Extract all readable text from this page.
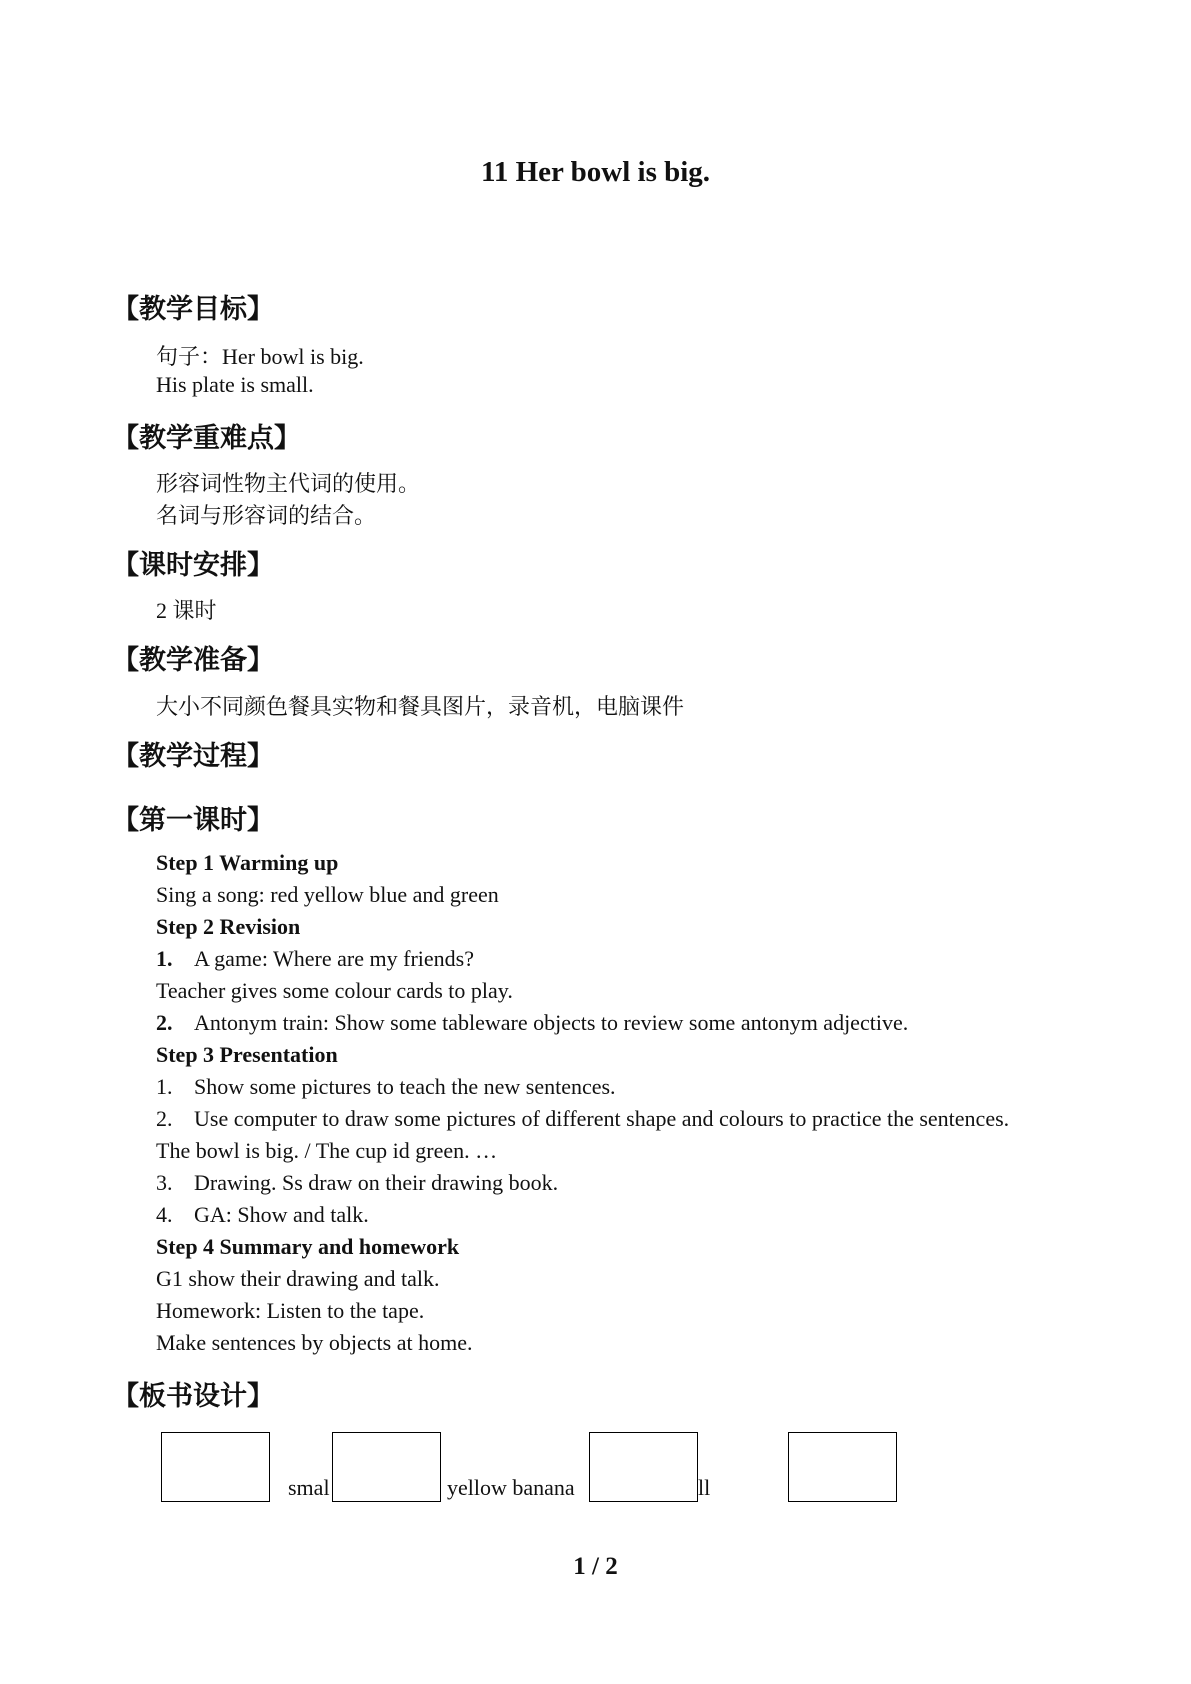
11 Her bowl is big.
【教学目标】
句子：Her bowl is big.
His plate is small.
【教学重难点】
形容词性物主代词的使用。
名词与形容词的结合。
【课时安排】
2 课时
【教学准备】
大小不同颜色餐具实物和餐具图片，录音机，电脑课件
【教学过程】
【第一课时】
Step 1 Warming up
Sing a song: red yellow blue and green
Step 2 Revision
1. A game: Where are my friends?
Teacher gives some colour cards to play.
2. Antonym train: Show some tableware objects to review some antonym adjective.
Step 3 Presentation
1. Show some pictures to teach the new sentences.
2. Use computer to draw some pictures of different shape and colours to practice the sentences.
The bowl is big. / The cup id green. …
3. Drawing. Ss draw on their drawing book.
4. GA: Show and talk.
Step 4 Summary and homework
G1 show their drawing and talk.
Homework: Listen to the tape.
Make sentences by objects at home.
【板书设计】
smal	yellow banana	ll
1 / 2
